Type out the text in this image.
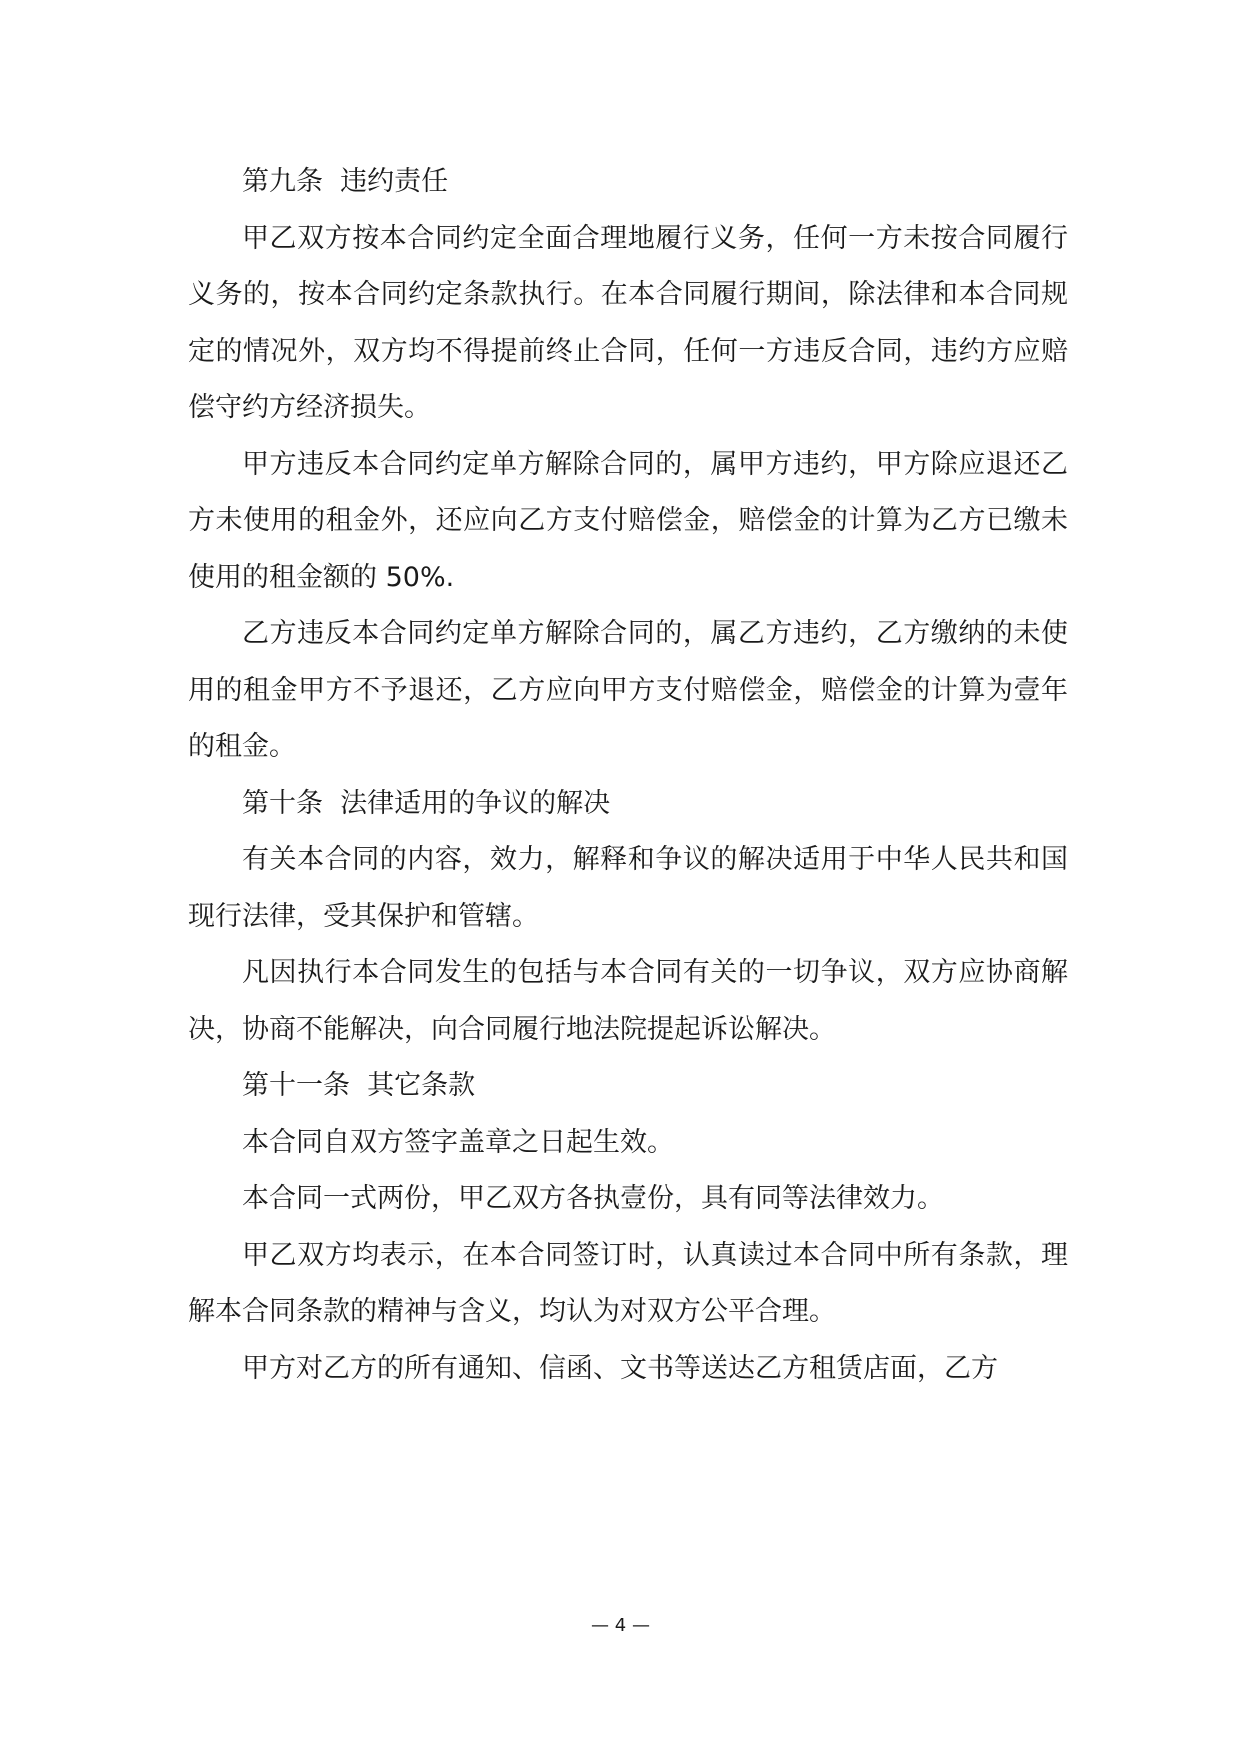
第九条  违约责任

甲乙双方按本合同约定全面合理地履行义务，任何一方未按合同履行义务的，按本合同约定条款执行。在本合同履行期间，除法律和本合同规定的情况外，双方均不得提前终止合同，任何一方违反合同，违约方应赔偿守约方经济损失。

甲方违反本合同约定单方解除合同的，属甲方违约，甲方除应退还乙方未使用的租金外，还应向乙方支付赔偿金，赔偿金的计算为乙方已缴未使用的租金额的 50%.

乙方违反本合同约定单方解除合同的，属乙方违约，乙方缴纳的未使用的租金甲方不予退还，乙方应向甲方支付赔偿金，赔偿金的计算为壹年的租金。

第十条  法律适用的争议的解决

有关本合同的内容，效力，解释和争议的解决适用于中华人民共和国现行法律，受其保护和管辖。

凡因执行本合同发生的包括与本合同有关的一切争议，双方应协商解决，协商不能解决，向合同履行地法院提起诉讼解决。

第十一条  其它条款

本合同自双方签字盖章之日起生效。

本合同一式两份，甲乙双方各执壹份，具有同等法律效力。

甲乙双方均表示，在本合同签订时，认真读过本合同中所有条款，理解本合同条款的精神与含义，均认为对双方公平合理。

甲方对乙方的所有通知、信函、文书等送达乙方租赁店面，乙方

— 4 —
